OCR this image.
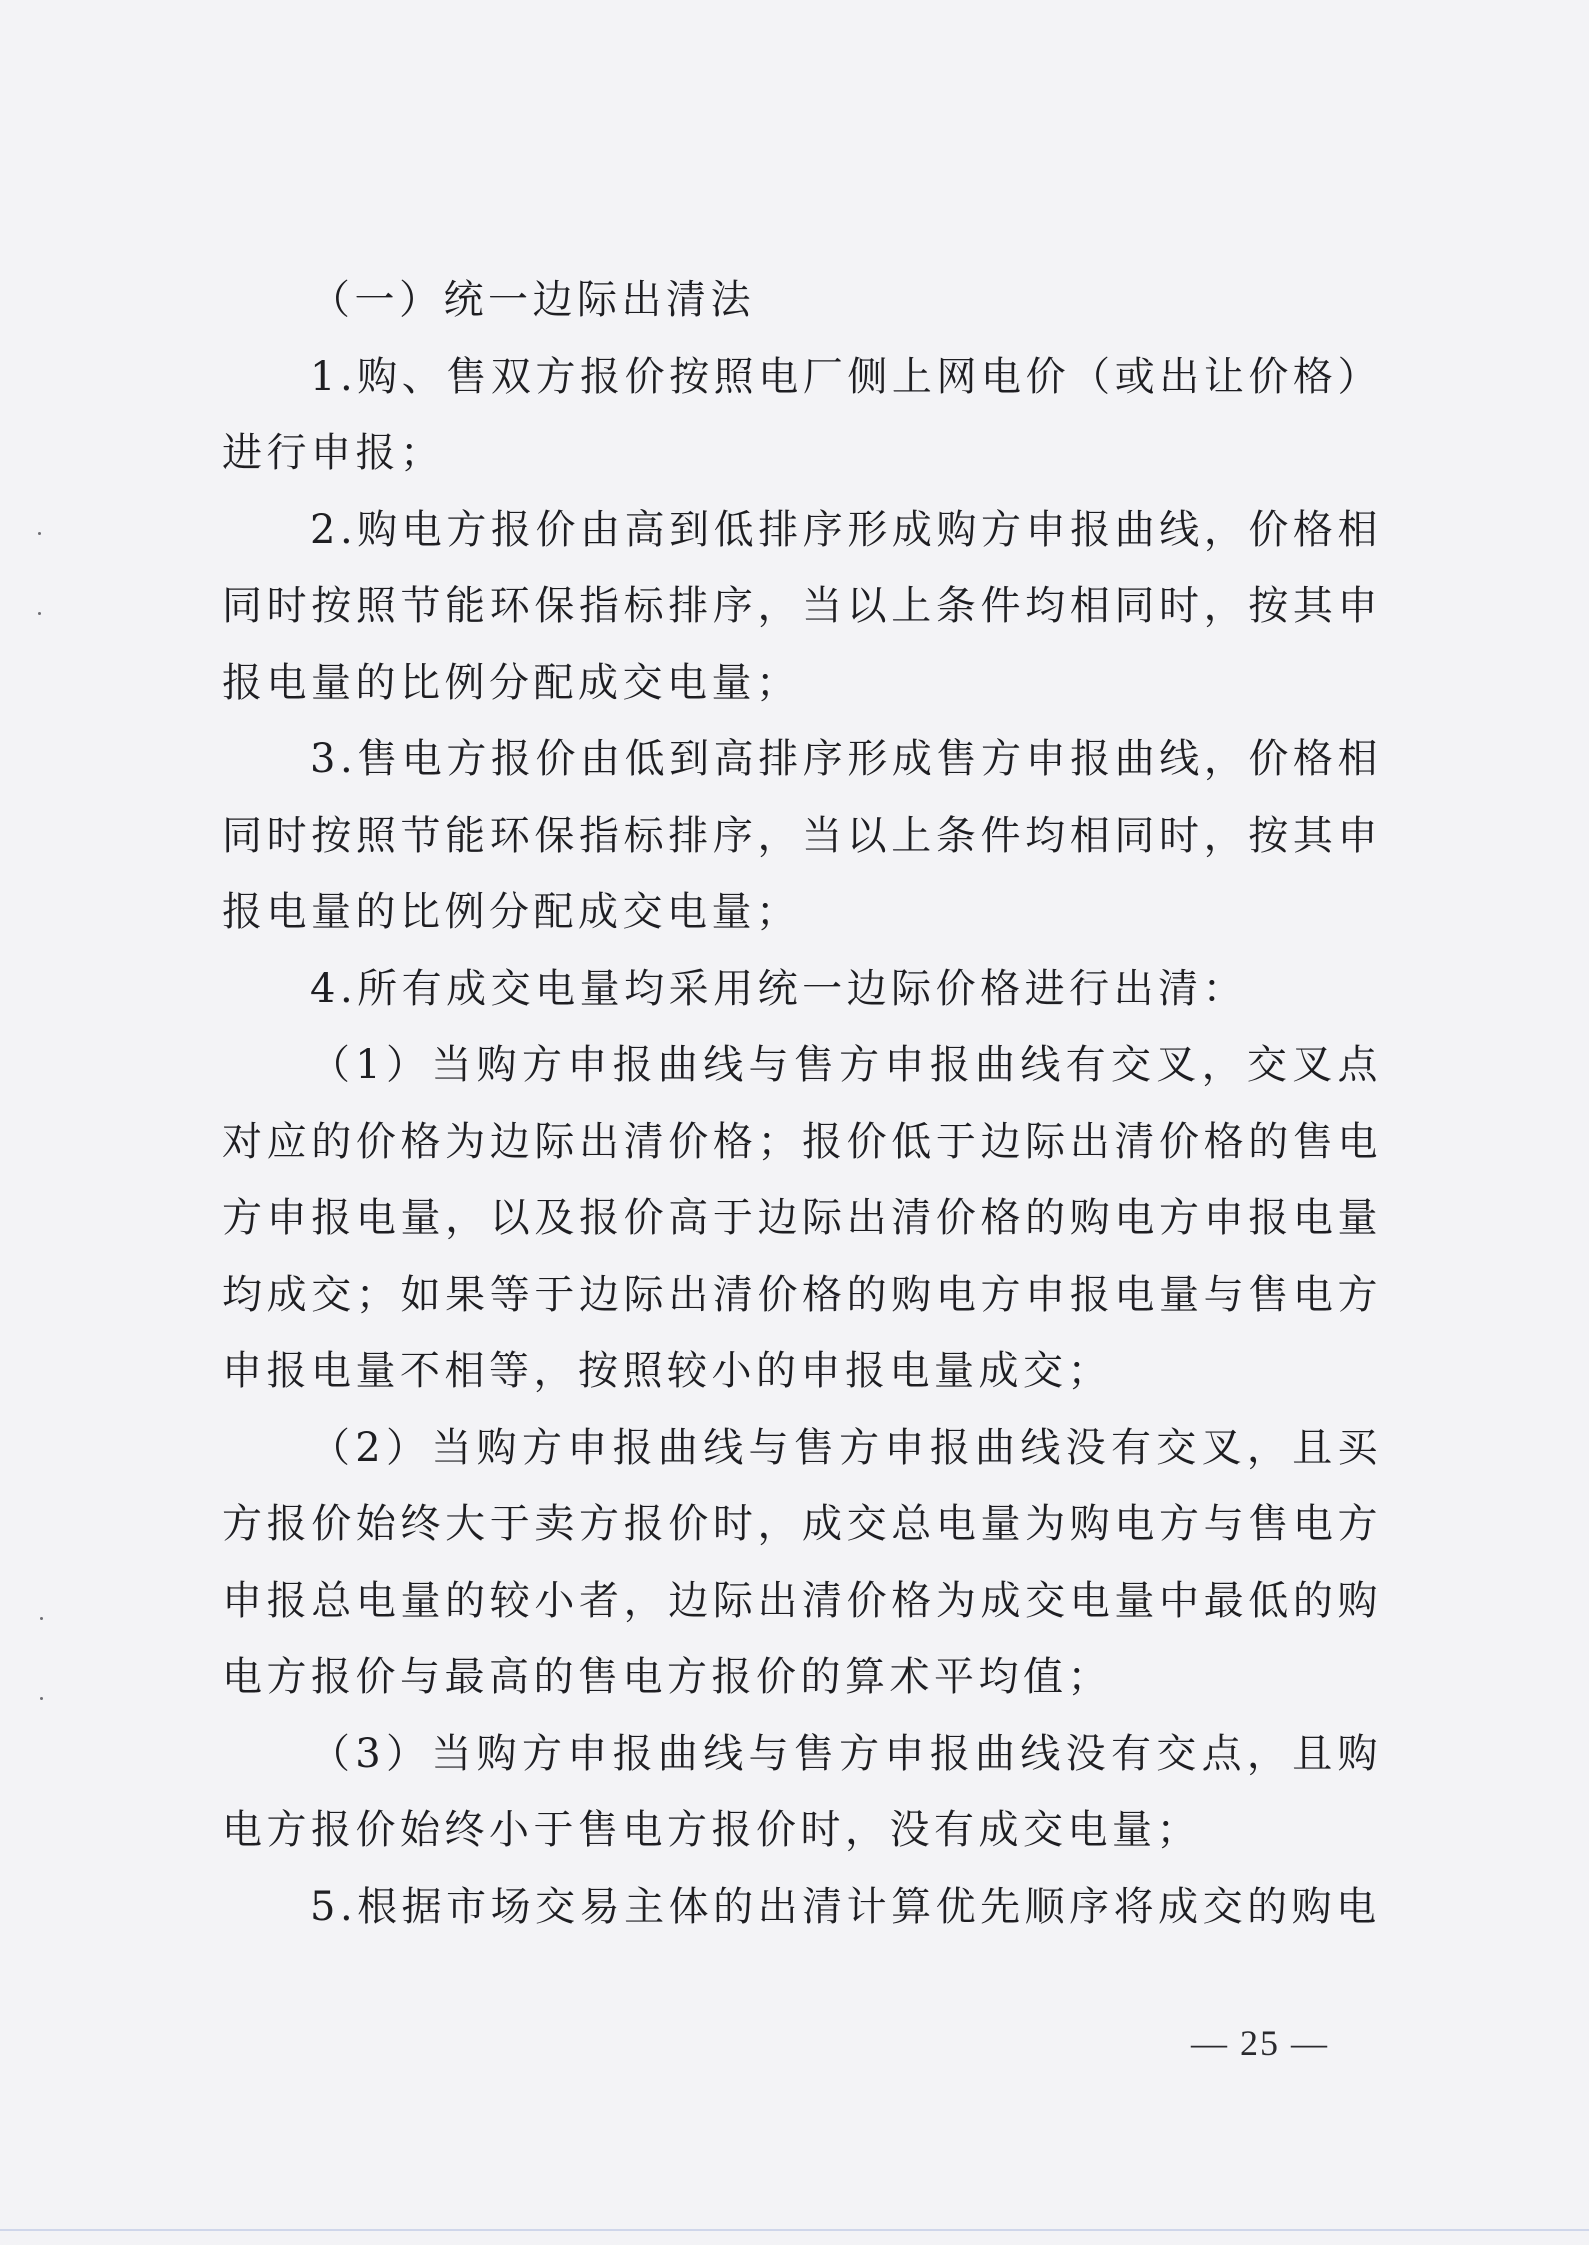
（一）统一边际出清法

1.购、售双方报价按照电厂侧上网电价（或出让价格）进行申报；

2.购电方报价由高到低排序形成购方申报曲线，价格相同时按照节能环保指标排序，当以上条件均相同时，按其申报电量的比例分配成交电量；

3.售电方报价由低到高排序形成售方申报曲线，价格相同时按照节能环保指标排序，当以上条件均相同时，按其申报电量的比例分配成交电量；

4.所有成交电量均采用统一边际价格进行出清：

（1）当购方申报曲线与售方申报曲线有交叉，交叉点对应的价格为边际出清价格；报价低于边际出清价格的售电方申报电量，以及报价高于边际出清价格的购电方申报电量均成交；如果等于边际出清价格的购电方申报电量与售电方申报电量不相等，按照较小的申报电量成交；

（2）当购方申报曲线与售方申报曲线没有交叉，且买方报价始终大于卖方报价时，成交总电量为购电方与售电方申报总电量的较小者，边际出清价格为成交电量中最低的购电方报价与最高的售电方报价的算术平均值；

（3）当购方申报曲线与售方申报曲线没有交点，且购电方报价始终小于售电方报价时，没有成交电量；

5.根据市场交易主体的出清计算优先顺序将成交的购电

— 25 —
